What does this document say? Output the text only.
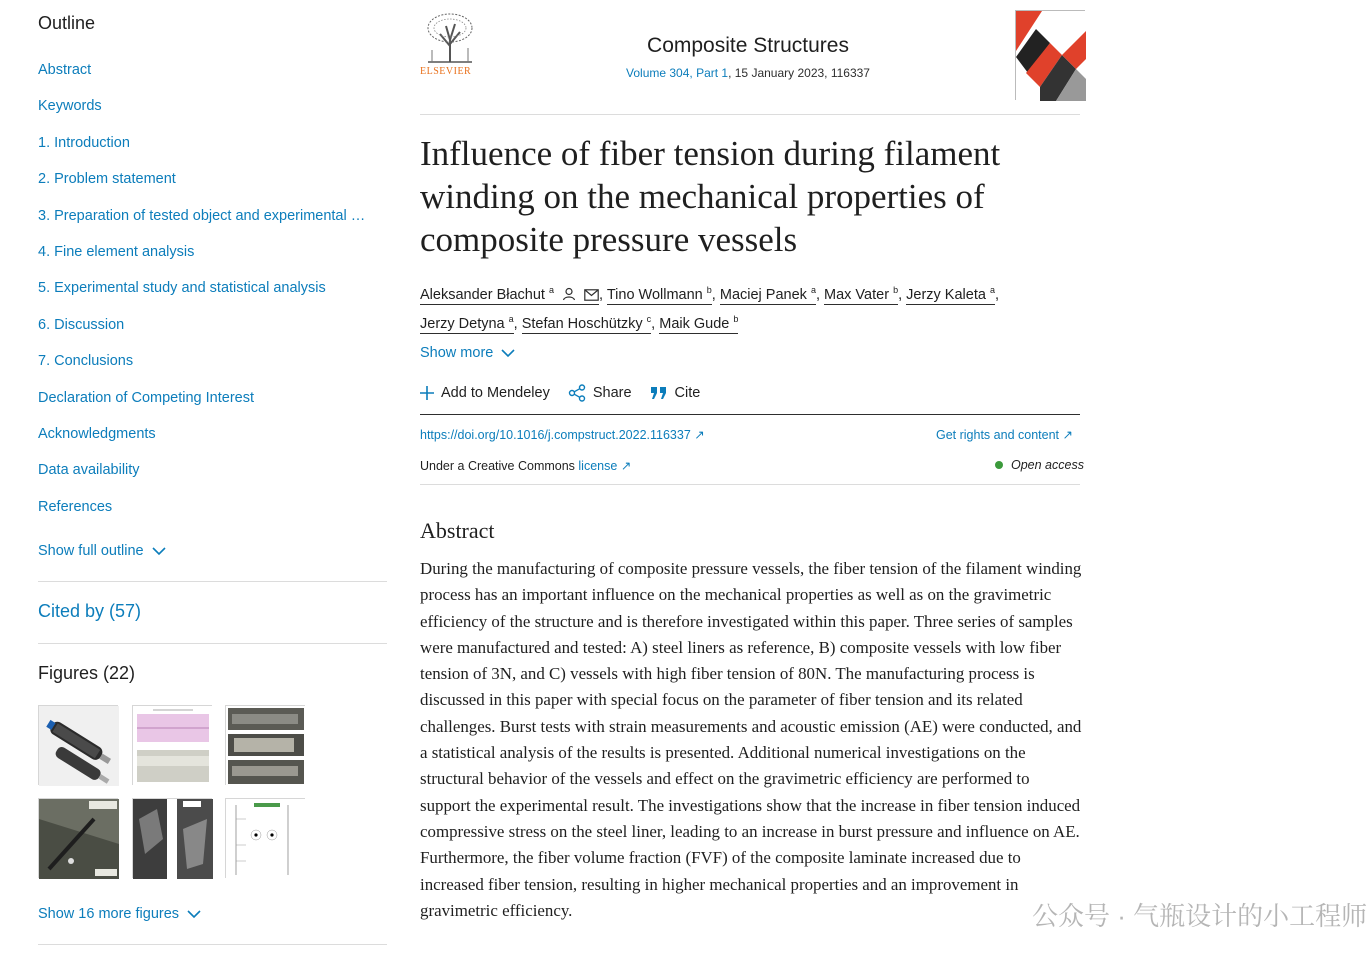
Outline
Abstract
Keywords
1. Introduction
2. Problem statement
3. Preparation of tested object and experimental …
4. Fine element analysis
5. Experimental study and statistical analysis
6. Discussion
7. Conclusions
Declaration of Competing Interest
Acknowledgments
Data availability
References
Show full outline
Cited by (57)
Figures (22)
Show 16 more figures
ELSEVIER
Composite Structures
Volume 304, Part 1, 15 January 2023, 116337
Influence of fiber tension during filament winding on the mechanical properties of composite pressure vessels
Aleksander Błachut $^a$	, Tino Wollmann $^b$, Maciej Panek $^a$, Max Vater $^b$, Jerzy Kaleta $^a$,
Jerzy Detyna $^a$, Stefan Hoschützky $^c$, Maik Gude $^b$
Show more
Add to Mendeley	Share	Cite
https://doi.org/10.1016/j.compstruct.2022.116337 ↗	Get rights and content ↗
Under a Creative Commons license ↗	Open access
Abstract

During the manufacturing of composite pressure vessels, the fiber tension of the filament winding process has an important influence on the mechanical properties as well as on the gravimetric efficiency of the structure and is therefore investigated within this paper. Three series of samples were manufactured and tested: A) steel liners as reference, B) composite vessels with low fiber tension of 3N, and C) vessels with high fiber tension of 80N. The manufacturing process is discussed in this paper with special focus on the parameter of fiber tension and its related challenges. Burst tests with strain measurements and acoustic emission (AE) were conducted, and a statistical analysis of the results is presented. Additional numerical investigations on the structural behavior of the vessels and effect on the gravimetric efficiency are performed to support the experimental result. The investigations show that the increase in fiber tension induced compressive stress on the steel liner, leading to an increase in burst pressure and influence on AE. Furthermore, the fiber volume fraction (FVF) of the composite laminate increased due to increased fiber tension, resulting in higher mechanical properties and an improvement in gravimetric efficiency.	公众号 · 气瓶设计的小工程师
